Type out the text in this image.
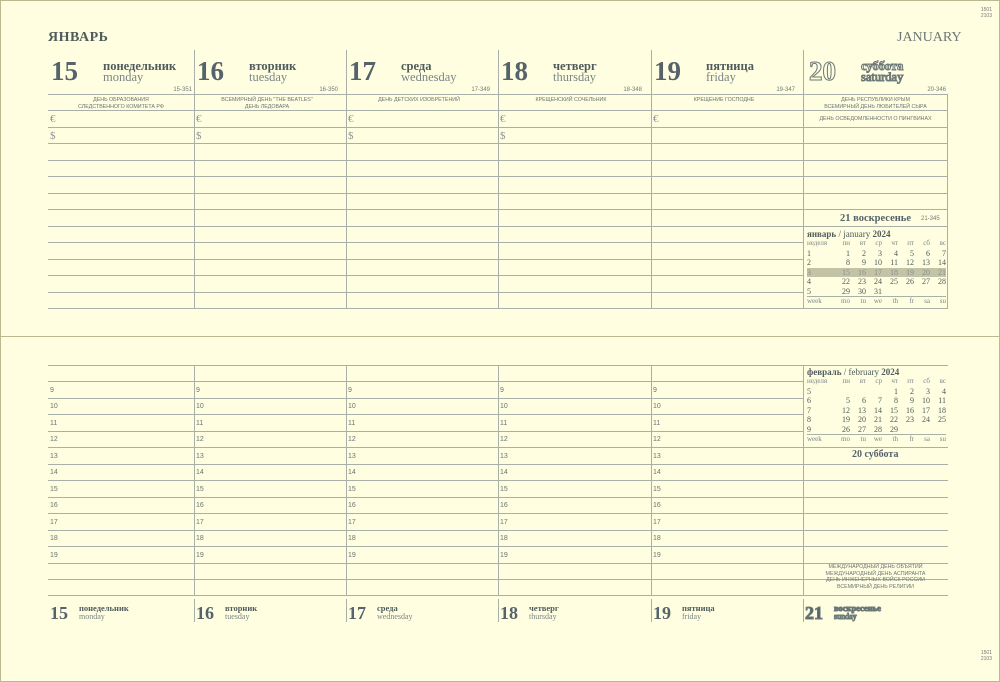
1501
2103
1501
2103
ЯНВАРЬ	JANUARY
15 понедельник
monday
15-351
ДЕНЬ ОБРАЗОВАНИЯ
СЛЕДСТВЕННОГО КОМИТЕТА РФ
€
$
9
10
11
12
13
14
15
16
17
18
19
16 вторник
tuesday
16-350
ВСЕМИРНЫЙ ДЕНЬ "THE BEATLES"
ДЕНЬ ЛЕДОВАРА
€
$
9
10
11
12
13
14
15
16
17
18
19
17 среда
wednesday
17-349
ДЕНЬ ДЕТСКИХ ИЗОБРЕТЕНИЙ
€
$
9
10
11
12
13
14
15
16
17
18
19
18 четверг
thursday
18-348
КРЕЩЕНСКИЙ СОЧЕЛЬНИК
€
$
9
10
11
12
13
14
15
16
17
18
19
19 пятница
friday
19-347
КРЕЩЕНИЕ ГОСПОДНЕ
€
9
10
11
12
13
14
15
16
17
18
19
20 суббота
saturday
20-346
ДЕНЬ РЕСПУБЛИКИ КРЫМ
ВСЕМИРНЫЙ ДЕНЬ ЛЮБИТЕЛЕЙ СЫРА
ДЕНЬ ОСВЕДОМЛЕННОСТИ О ПИНГВИНАХ
21 воскресенье 21-345
январь / january 2024
неделя	пн	вт	ср	чт	пт	сб	вс
1	1	2	3	4	5	6	7
2	8	9	10	11	12	13	14
3	15	16	17	18	19	20	21
4	22	23	24	25	26	27	28
5	29	30	31				
week	mo	tu	we	th	fr	sa	su
февраль / february 2024
неделя	пн	вт	ср	чт	пт	сб	вс
5				1	2	3	4
6	5	6	7	8	9	10	11
7	12	13	14	15	16	17	18
8	19	20	21	22	23	24	25
9	26	27	28	29			
week	mo	tu	we	th	fr	sa	su
20 суббота
МЕЖДУНАРОДНЫЙ ДЕНЬ ОБЪЯТИЙ
МЕЖДУНАРОДНЫЙ ДЕНЬ АСПИРАНТА
ДЕНЬ ИНЖЕНЕРНЫХ ВОЙСК РОССИИ
ВСЕМИРНЫЙ ДЕНЬ РЕЛИГИИ
15 понедельник
monday	16 вторник
tuesday	17 среда
wednesday	18 четверг
thursday	19 пятница
friday	21 воскресенье
sunday
